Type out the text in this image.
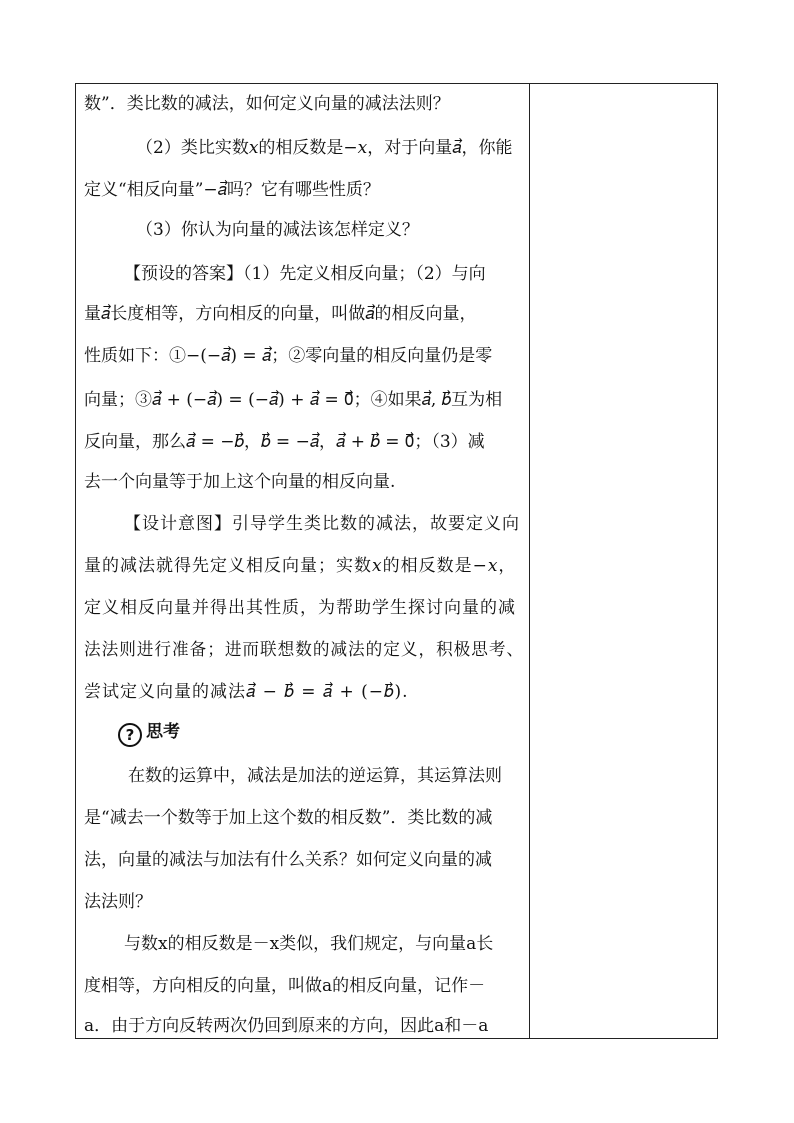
数”．类比数的减法，如何定义向量的减法法则？
（2）类比实数𝑥的相反数是−𝑥，对于向量𝑎⃗，你能
定义“相反向量”−𝑎⃗吗？它有哪些性质？
（3）你认为向量的减法该怎样定义？
【预设的答案】（1）先定义相反向量；（2）与向
量𝑎⃗长度相等，方向相反的向量，叫做𝑎⃗的相反向量，
性质如下：①−(−𝑎⃗) = 𝑎⃗；②零向量的相反向量仍是零
向量；③𝑎⃗ + (−𝑎⃗) = (−𝑎⃗) + 𝑎⃗ = 0⃗；④如果𝑎⃗, 𝑏⃗互为相
反向量，那么𝑎⃗ = −𝑏⃗，𝑏⃗ = −𝑎⃗，𝑎⃗ + 𝑏⃗ = 0⃗；（3）减
去一个向量等于加上这个向量的相反向量.
【设计意图】引导学生类比数的减法，故要定义向
量的减法就得先定义相反向量；实数𝑥的相反数是−𝑥，
定义相反向量并得出其性质，为帮助学生探讨向量的减
法法则进行准备；进而联想数的减法的定义，积极思考、
尝试定义向量的减法𝑎⃗ − 𝑏⃗ = 𝑎⃗ + (−𝑏⃗).
? 思考
在数的运算中，减法是加法的逆运算，其运算法则
是“减去一个数等于加上这个数的相反数”．类比数的减
法，向量的减法与加法有什么关系？如何定义向量的减
法法则？
与数x的相反数是－x类似，我们规定，与向量a长
度相等，方向相反的向量，叫做a的相反向量，记作－
a．由于方向反转两次仍回到原来的方向，因此a和－a
